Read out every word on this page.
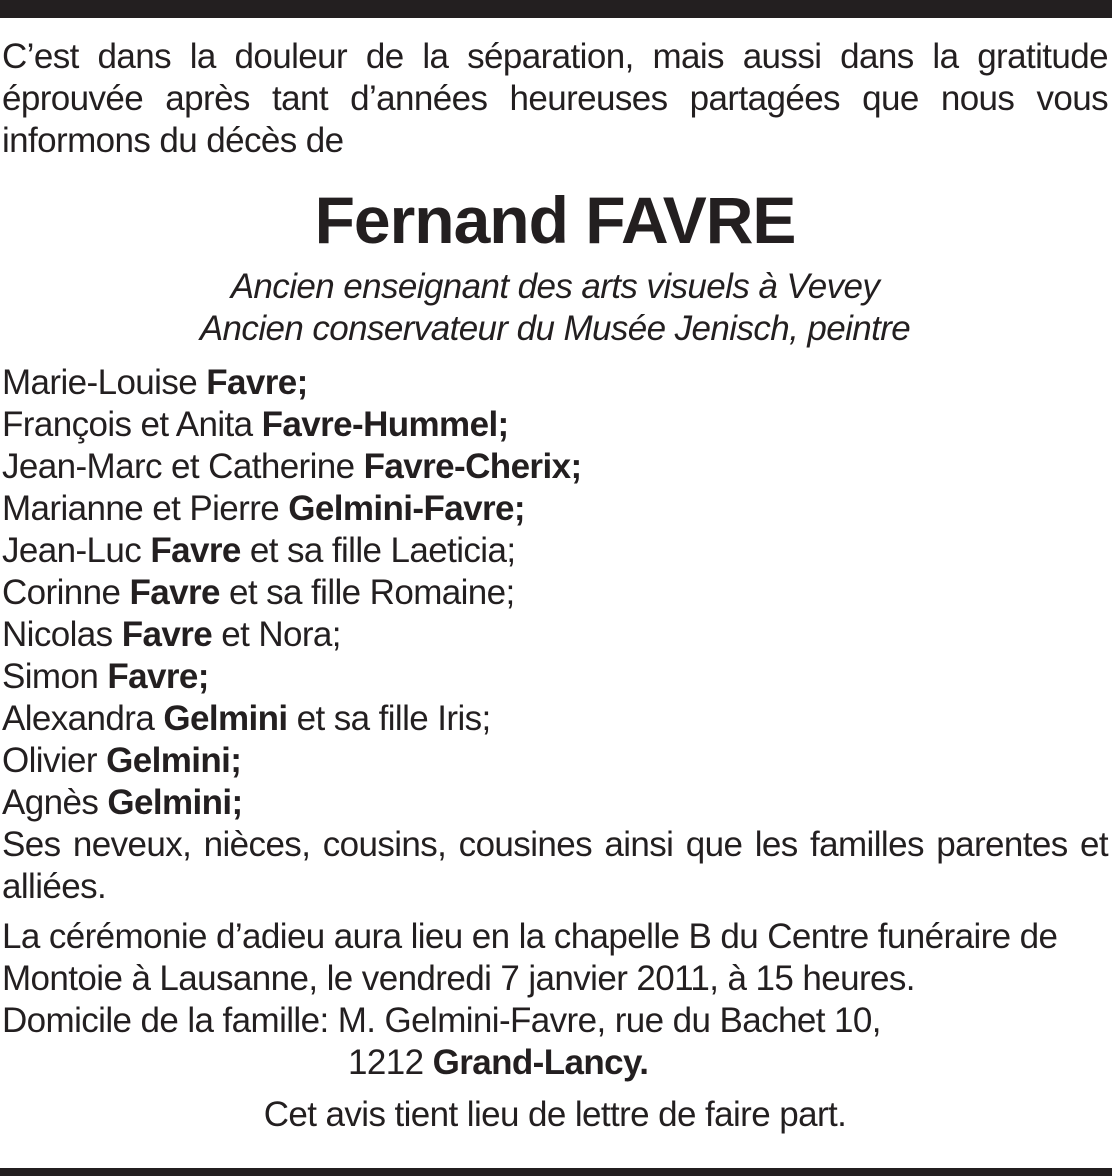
C’est dans la douleur de la séparation, mais aussi dans la gratitude éprouvée après tant d’années heureuses partagées que nous vous informons du décès de

Fernand FAVRE
Ancien enseignant des arts visuels à Vevey
Ancien conservateur du Musée Jenisch, peintre
Marie-Louise Favre;
François et Anita Favre-Hummel;
Jean-Marc et Catherine Favre-Cherix;
Marianne et Pierre Gelmini-Favre;
Jean-Luc Favre et sa fille Laeticia;
Corinne Favre et sa fille Romaine;
Nicolas Favre et Nora;
Simon Favre;
Alexandra Gelmini et sa fille Iris;
Olivier Gelmini;
Agnès Gelmini;

Ses neveux, nièces, cousins, cousines ainsi que les familles parentes et alliées.

La cérémonie d’adieu aura lieu en la chapelle B du Centre funéraire de
Montoie à Lausanne, le vendredi 7 janvier 2011, à 15 heures.
Domicile de la famille: M. Gelmini-Favre, rue du Bachet 10,
1212 Grand-Lancy.
Cet avis tient lieu de lettre de faire part.
